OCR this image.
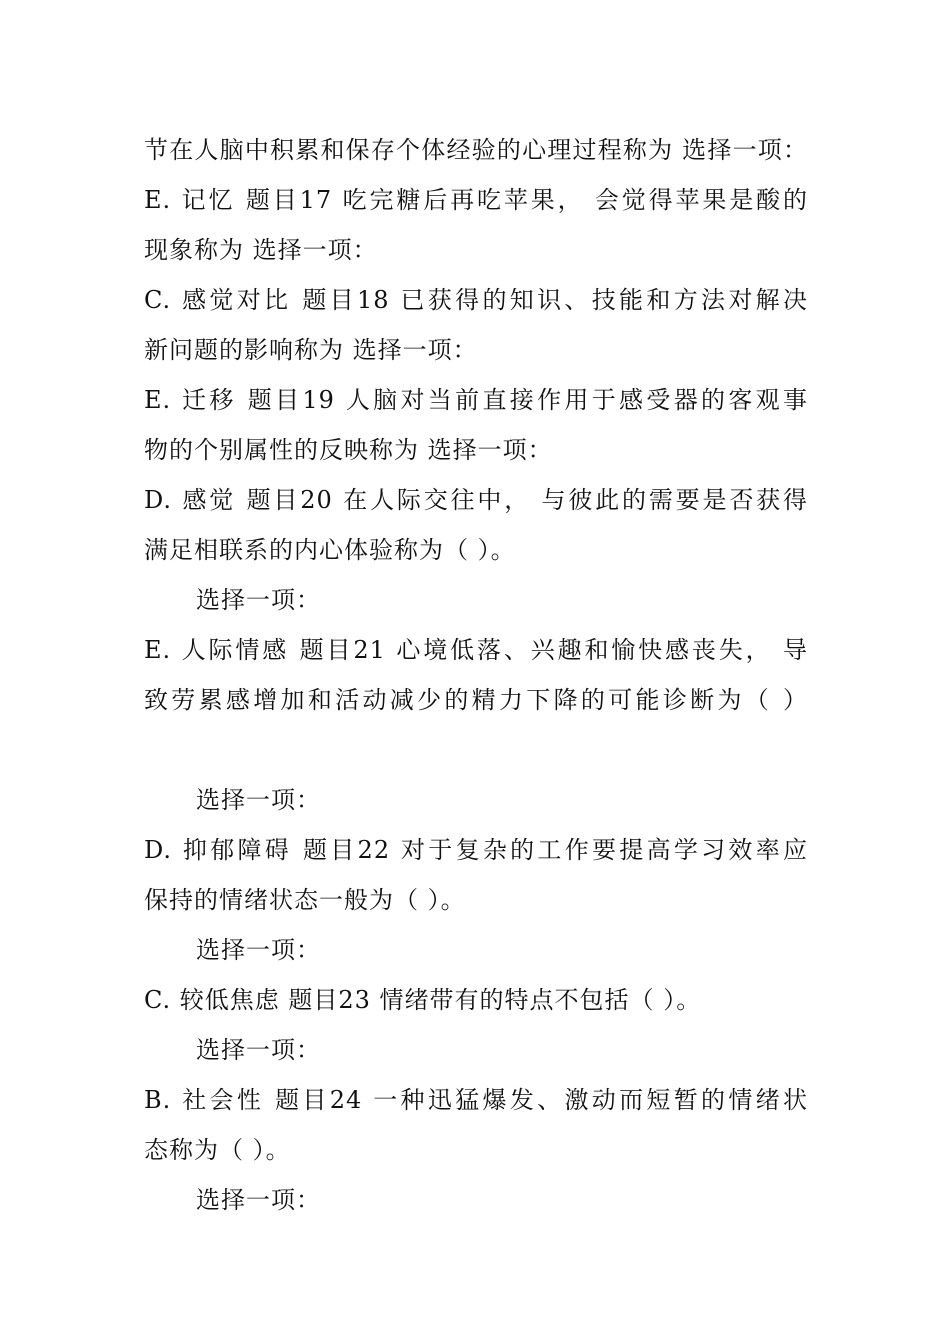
节在人脑中积累和保存个体经验的心理过程称为 选择一项：
E. 记忆 题目17 吃完糖后再吃苹果， 会觉得苹果是酸的
现象称为 选择一项：
C. 感觉对比 题目18 已获得的知识、技能和方法对解决
新问题的影响称为 选择一项：
E. 迁移 题目19 人脑对当前直接作用于感受器的客观事
物的个别属性的反映称为 选择一项：
D. 感觉 题目20 在人际交往中， 与彼此的需要是否获得
满足相联系的内心体验称为（ ）。
选择一项：
E. 人际情感 题目21 心境低落、兴趣和愉快感丧失， 导
致劳累感增加和活动减少的精力下降的可能诊断为（ ）
选择一项：
D. 抑郁障碍 题目22 对于复杂的工作要提高学习效率应
保持的情绪状态一般为（ ）。
选择一项：
C. 较低焦虑 题目23 情绪带有的特点不包括（ ）。
选择一项：
B. 社会性 题目24 一种迅猛爆发、激动而短暂的情绪状
态称为（ ）。
选择一项：
